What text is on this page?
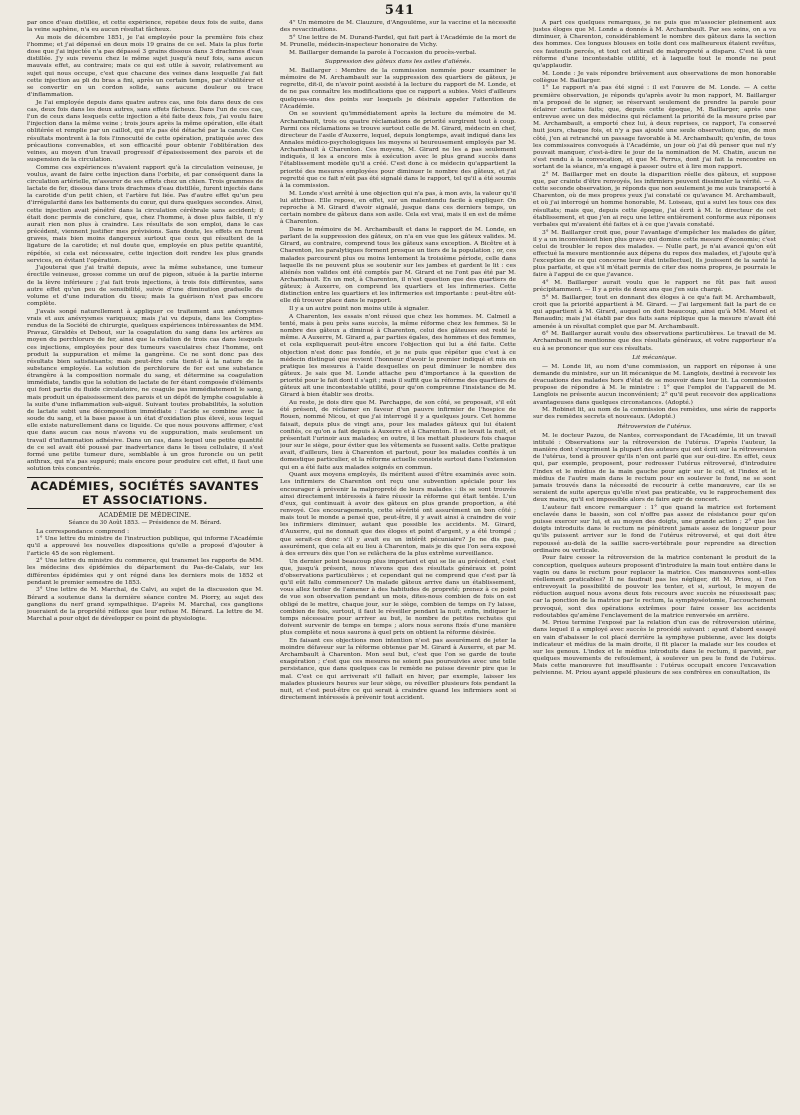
541

par once d'eau distillée, et cette expérience, répétée deux fois de suite, dans la veine saphène, n'a eu aucun résultat fâcheux.

Au mois de décembre 1851, je l'ai employée pour la première fois chez l'homme; et j'ai dépensé en deux mois 19 grains de ce sel. Mais la plus forte dose que j'ai injectée n'a pas dépassé 3 grains dissous dans 3 drachmes d'eau distillée. J'y suis revenu chez le même sujet jusqu'à neuf fois, sans aucun mauvais effet, au contraire; mais ce qui est utile à savoir, relativement au sujet qui nous occupe, c'est que chacune des veines dans lesquelle j'ai fait cette injection au pli du bras a fini, après un certain temps, par s'oblitérer et se convertir en un cordon solide, sans aucune douleur ou trace d'inflammation.

Je l'ai employée depuis dans quatre autres cas, une fois dans deux de ces cas, deux fois dans les deux autres, sans effets fâcheux. Dans l'un de ces cas, l'un de ceux dans lesquels cette injection a été faite deux fois, j'ai voulu faire l'injection dans la même veine ; trois jours après la même opération, elle était oblitérée et remplie par un caillot, qui n'a pas été détaché par la canule. Ces résultats montrent à la fois l'innocuité de cette opération, pratiquée avec des précautions convenables, et son efficacité pour obtenir l'oblitération des veines, au moyen d'un travail progressif d'épaississement des parois et de suspension de la circulation.

Comme ces expériences n'avaient rapport qu'à la circulation veineuse, je voulus, avant de faire cette injection dans l'orbite, et par conséquent dans la circulation artérielle, m'assurer de ses effets chez un chien. Trois grammes de lactate de fer, dissous dans trois drachmes d'eau distillée, furent injectés dans la carotide d'un petit chien, et l'artère fut liée. Pas d'autre effet qu'un peu d'irrégularité dans les battements du cœur, qui dura quelques secondes. Ainsi, cette injection avait pénétré dans la circulation cérébrale sans accident; il était donc permis de conclure, que, chez l'homme, à dose plus faible, il n'y aurait rien non plus à craindre. Les résultats de son emploi, dans le cas précédent, viennent justifier mes prévisions. Sans doute, les effets en furent graves, mais bien moins dangereux surtout que ceux qui résultent de la ligature de la carotide; et nul doute que, employée en plus petite quantité, répétée, si cela est nécessaire, cette injection doit rendre les plus grands services, en évitant l'opération.

J'ajouterai que j'ai traité depuis, avec la même substance, une tumeur érectile veineuse, grosse comme un œuf de pigeon, située à la partie interne de la lèvre inférieure ; j'ai fait trois injections, à trois fois différentes, sans autre effet qu'un peu de sensibilité, suivie d'une diminution graduelle du volume et d'une induration du tissu; mais la guérison n'est pas encore complète.

J'avais songé naturellement à appliquer ce traitement aux anévrysmes vrais et aux anévrysmes variqueux; mais j'ai vu depuis, dans les Comptes-rendus de la Société de chirurgie, quelques expériences intéressantes de MM. Pravaz, Giraldès et Debout, sur la coagulation du sang dans les artères au moyen du perchlorure de fer, ainsi que la relation de trois cas dans lesquels ces injections, employées pour des tumeurs vasculaires chez l'homme, ont produit la suppuration et même la gangrène. Ce ne sont donc pas des résultats bien satisfaisants; mais peut-être cela tient-il à la nature de la substance employée. La solution de perchlorure de fer est une substance étrangère à la composition normale du sang, et détermine sa coagulation immédiate, tandis que la solution de lactate de fer étant composée d'éléments qui font partie du fluide circulatoire, ne coagule pas immédiatement le sang, mais produit un épaississement des parois et un dépôt de lymphe coagulable à la suite d'une inflammation sub-aiguë. Suivant toutes probabilités, la solution de lactate subit une décomposition immédiate : l'acide se combine avec la soude du sang, et la base passe à un état d'oxidation plus élevé, sous lequel elle existe naturellement dans ce liquide. Ce que nous pouvons affirmer, c'est que dans aucun cas nous n'avons vu de suppuration, mais seulement un travail d'inflammation adhésive. Dans un cas, dans lequel une petite quantité de ce sel avait été poussé par inadvertance dans le tissu cellulaire, il s'est formé une petite tumeur dure, semblable à un gros furoncle ou un petit anthrax, qui n'a pas suppuré; mais encore pour produire cet effet, il faut une solution très concentrée.

ACADÉMIES, SOCIÉTÉS SAVANTES ET ASSOCIATIONS.
ACADÉMIE DE MÉDECINE.
Séance du 30 Août 1853. — Présidence de M. Bérard.

La correspondance comprend :

1° Une lettre du ministre de l'instruction publique, qui informe l'Académie qu'il a approuvé les nouvelles dispositions qu'elle a proposé d'ajouter à l'article 45 de son règlement.

2° Une lettre du ministre du commerce, qui transmet les rapports de MM. les médecins des épidémies du département du Pas-de-Calais, sur les différentes épidémies qui y ont régné dans les derniers mois de 1852 et pendant le premier semestre de 1853.

3° Une lettre de M. Marchal, de Calvi, au sujet de la discussion que M. Bérard a soutenue dans la dernière séance contre M. Piorry, au sujet des ganglions du nerf grand sympathique. D'après M. Marchal, ces ganglions joueraient de la propriété réflexe que leur refuse M. Bérard. La lettre de M. Marchal a pour objet de développer ce point de physiologie.

4° Un mémoire de M. Clauzure, d'Angoulême, sur la vaccine et la nécessité des revaccinations.

5° Une lettre de M. Durand-Fardel, qui fait part à l'Académie de la mort de M. Prunelle, médecin-inspecteur honoraire de Vichy.

M. Baillarger demande la parole à l'occasion du procès-verbal.

Suppression des gâteux dans les asiles d'aliénés.

M. Baillarger : Membre de la commission nommée pour examiner le mémoire de M. Archambault sur la suppression des quartiers de gâteux, je regrette, dit-il, de n'avoir point assisté à la lecture du rapport de M. Londe, et de ne pas connaître les modifications que ce rapport a subies. Voici d'ailleurs quelques-uns des points sur lesquels je désirais appeler l'attention de l'Académie.

On se souvient qu'immédiatement après la lecture du mémoire de M. Archambault, trois ou quatre réclamations de priorité surgirent tout à coup. Parmi ces réclamations se trouve surtout celle de M. Girard, médecin en chef, directeur de l'asile d'Auxerre, lequel, depuis longtemps, avait indiqué dans les Annales médico-psychologiques les moyens si heureusement employés par M. Archambault à Charenton. Ces moyens, M. Girard ne les a pas seulement indiqués, il les a encore mis à exécution avec le plus grand succès dans l'établissement modèle qu'il a créé. C'est donc à ce médecin qu'appartient la priorité des mesures employées pour diminuer le nombre des gâteux, et j'ai regretté que ce fait n'eût pas été signalé dans le rapport, tel qu'il a été soumis à la commission.

M. Londe s'est arrêté à une objection qui n'a pas, à mon avis, la valeur qu'il lui attribue. Elle repose, en effet, sur un malentendu facile à expliquer. On reproche à M. Girard d'avoir signalé, jusque dans ces derniers temps, un certain nombre de gâteux dans son asile. Cela est vrai, mais il en est de même à Charenton.

Dans le mémoire de M. Archambault et dans le rapport de M. Londe, en parlant de la suppression des gâteux, on n'a en vue que les gâteux valides. M. Girard, au contraire, comprend tous les gâteux sans exception. A Bicêtre et à Charenton, les paralytiques forment presque un tiers de la population ; or, ces malades parcourent plus ou moins lentement la troisième période, celle dans laquelle ils ne peuvent plus se soutenir sur les jambes et gardent le lit : ces aliénés non valides ont été comptés par M. Girard et ne l'ont pas été par M. Archambault. En un mot, à Charenton, il n'est question que des quartiers de gâteux; à Auxerre, on comprend les quartiers et les infirmeries. Cette distinction entre les quartiers et les infirmeries est importante : peut-être eût-elle dû trouver place dans le rapport.

Il y a un autre point non moins utile à signaler.

A Charenton, les essais n'ont réussi que chez les hommes. M. Calmeil a tenté, mais à peu près sans succès, la même réforme chez les femmes. Si le nombre des gâteux a diminué à Charenton, celui des gâteuses est resté le même. A Auxerre, M. Girard a, par parties égales, des hommes et des femmes, et cela expliquerait peut-être encore l'objection qui lui a été faite. Cette objection n'est donc pas fondée, et je ne puis que répéter que c'est à ce médecin distingué que revient l'honneur d'avoir le premier indiqué et mis en pratique les mesures à l'aide desquelles on peut diminuer le nombre des gâteux. Je sais que M. Londe attache peu d'importance à la question de priorité pour le fait dont il s'agit ; mais il suffit que la réforme des quartiers de gâteux ait une incontestable utilité, pour qu'on comprenne l'insistance de M. Girard à bien établir ses droits.

Au reste, je dois dire que M. Parchappe, de son côté, se proposait, s'il eût été présent, de réclamer en faveur d'un pauvre infirmier de l'hospice de Rouen, nommé Nicou, et que j'ai interrogé il y a quelques jours. Cet homme faisait, depuis plus de vingt ans, pour les malades gâteux qui lui étaient confiés, ce qu'on a fait depuis à Auxerre et à Charenton. Il se levait la nuit, et présentait l'urinoir aux malades; en outre, il les mettait plusieurs fois chaque jour sur le siège, pour éviter que les vêtements se fussent salis. Cette pratique avait, d'ailleurs, lieu à Charenton et partout, pour les malades confiés à un domestique particulier, et la réforme actuelle consiste surtout dans l'extension qui en a été faite aux malades soignés en commun.

Quant aux moyens employés, ils méritent aussi d'être examinés avec soin. Les infirmiers de Charenton ont reçu une subvention spéciale pour les encourager à prévenir la malpropreté de leurs malades : ils se sont trouvés ainsi directement intéressés à faire réussir la réforme qui était tentée. L'un d'eux, qui continuait à avoir des gâteux en plus grande proportion, a été renvoyé. Ces encouragements, cette sévérité ont assurément un bon côté ; mais tout le monde a pensé que, peut-être, il y avait ainsi à craindre de voir les infirmiers diminuer, autant que possible les accidents. M. Girard, d'Auxerre, qui ne donnait que des éloges et point d'argent, y a été trompé ; que serait-ce donc s'il y avait eu un intérêt pécuniaire? Je ne dis pas, assurément, que cela ait eu lieu à Charenton, mais je dis que l'on sera exposé à des erreurs dès que l'on se relâchera de la plus extrême surveillance.

Un dernier point beaucoup plus important et qui se lie au précédent, c'est que, jusqu'à présent, nous n'avons que des résultats généraux et point d'observations particulières ; et cependant qui ne comprend que c'est par là qu'il eût fallu commencer? Un malade gâteux arrive dans un établissement, vous allez tenter de l'amener à des habitudes de propreté; prenez à ce point de vue son observation pendant un mois, dites-nous combien de fois on est obligé de le mettre, chaque jour, sur le siège, combien de temps on l'y laisse, combien de fois, surtout, il faut le réveiller pendant la nuit; enfin, indiquer le temps nécessaire pour arriver au but, le nombre de petites rechutes qui doivent survenir de temps en temps ; alors nous serons fixés d'une manière plus complète et nous saurons à quel prix on obtient la réforme désirée.

En faisant ces objections mon intention n'est pas assurément de jeter la moindre défaveur sur la réforme obtenue par M. Girard à Auxerre, et par M. Archambault à Charenton. Mon seul but, c'est que l'on se garde de toute exagération ; c'est que ces mesures ne soient pas poursuivies avec une telle persistance, que dans quelques cas le remède ne puisse devenir pire que le mal. C'est ce qui arriverait s'il fallait en hiver, par exemple, laisser les malades plusieurs heures sur leur siège, ou réveiller plusieurs fois pendant la nuit, et c'est peut-être ce qui serait à craindre quand les infirmiers sont si directement intéressés à prévenir tout accident.

A part ces quelques remarques, je ne puis que m'associer pleinement aux justes éloges que M. Londe a donnés à M. Archambault. Par ses soins, on a vu diminuer, à Charenton, considérablement le nombre des gâteux dans la section des hommes. Ces longues blouses en toile dont ces malheureux étaient revêtus, ces fauteuils percés, et tout cet attirail de malpropreté a disparu. C'est là une réforme d'une incontestable utilité, et à laquelle tout le monde ne peut qu'applaudir.

M. Londe : Je vais répondre brièvement aux observations de mon honorable collègue M. Baillarger.

1° Le rapport n'a pas été signé : il est l'œuvre de M. Londe. — A cette première observation, je réponds qu'après avoir lu mon rapport, M. Baillarger m'a proposé de le signer, se réservant seulement de prendre la parole pour éclairer certains faits; que, depuis cette époque, M. Baillarger, après une entrevue avec un des médecins qui réclament la priorité de la mesure prise par M. Archambault, a emporté chez lui, à deux reprises, ce rapport, l'a conservé huit jours, chaque fois, et n'y a pas ajouté une seule observation; que, de mon côté, j'en ai retranché un passage favorable à M. Archambault; qu'enfin, de tous les commissaires convoqués à l'Académie, un jour où j'ai dû penser que nul n'y pouvait manquer, c'est-à-dire le jour de la nomination de M. Chatin, aucun ne s'est rendu à la convocation, et que M. Ferrus, dont j'ai fait la rencontre en sortant de la séance, m'a engagé à passer outre et à lire mon rapport.

2° M. Baillarger met en doute la disparition réelle des gâteux, et suppose que, par crainte d'être renvoyés, les infirmiers peuvent dissimuler la vérité. — A cette seconde observation, je réponds que non seulement je me suis transporté à Charenton, où de mes propres yeux j'ai constaté ce qu'avance M. Archambault, et où j'ai interrogé un homme honorable, M. Loiseau, qui a suivi les tous ces des résultats; mais que, depuis cette époque, j'ai écrit à M. le directeur de cet établissement, et que j'en ai reçu une lettre entièrement conforme aux réponses verbales qui m'avaient été faites et à ce que j'avais constaté.

3° M. Baillarger croit que, pour l'avantage d'empêcher les malades de gâter, il y a un inconvénient bien plus grave qui domine cette mesure d'économie; c'est celui de troubler le repos des malades. — Nulle part, je n'ai avancé qu'on eût effectué la mesure mentionnée aux dépens du repos des malades, et j'ajoute qu'à l'exception de ce qui concerne leur état intellectuel, ils jouissent de la santé la plus parfaite, et que s'il m'était permis de citer des noms propres, je pourrais le faire à l'appui de ce que j'avance.

4° M. Baillarger aurait voulu que le rapport ne fût pas fait aussi précipitamment. — Il y a près de deux ans que j'en suis chargé.

5° M. Baillarger, tout en donnant des éloges à ce qu'a fait M. Archambault, croit que la priorité appartient à M. Girard. — J'ai largement fait la part de ce qui appartient à M. Girard, auquel on doit beaucoup, ainsi qu'à MM. Morel et Renaudin; mais j'ai établi par des faits sans réplique que la mesure n'avait été amenée à un résultat complet que par M. Archambault.

6° M. Baillarger aurait voulu des observations particulières. Le travail de M. Archambault ne mentionne que des résultats généraux, et votre rapporteur n'a eu à se prononcer que sur ces résultats.

Lit mécanique.

— M. Londe lit, au nom d'une commission, un rapport en réponse à une demande du ministre, sur un lit mécanique de M. Langlois, destiné à recevoir les évacuations des malades hors d'état de se mouvoir dans leur lit. La commission propose de répondre à M. le ministre : 1° que l'emploi de l'appareil de M. Langlois ne présente aucun inconvénient; 2° qu'il peut recevoir des applications avantageuses dans quelques circonstances. (Adopté.)

M. Robinet lit, au nom de la commission des remèdes, une série de rapports sur des remèdes secrets et nouveaux. (Adopté.)

Rétroversion de l'utérus.

M. le docteur Pazou, de Nantes, correspondant de l'Académie, lit un travail intitulé : Observations sur la rétroversion de l'utérus. D'après l'auteur, la manière dont s'expriment la plupart des auteurs qui ont écrit sur la rétroversion de l'utérus, tend à prouver qu'ils n'en ont parlé que sur oui-dire. En effet, ceux qui, par exemple, proposent, pour redresser l'utérus rétroversé, d'introduire l'index et le médius de la main gauche pour agir sur le col, et l'index et le médius de l'autre main dans le rectum pour en soulever le fond, ne se sont jamais trouvés dans la nécessité de recourir à cette manœuvre, car ils se seraient de suite aperçus qu'elle n'est pas praticable, vu le rapprochement des deux mains, qu'il est impossible alors de faire agir de concert.

L'auteur fait encore remarquer : 1° que quand la matrice est fortement enclavée dans le bassin, son col n'offre pas assez de résistance pour qu'on puisse exercer sur lui, et au moyen des doigts, une grande action ; 2° que les doigts introduits dans le rectum ne pénètrent jamais assez de longueur pour qu'ils puissent arriver sur le fond de l'utérus rétroversé, et qui doit être repoussé au-delà de la saillie sacro-vertébrale pour reprendre sa direction ordinaire ou verticale.

Pour faire cesser la rétroversion de la matrice contenant le produit de la conception, quelques auteurs proposent d'introduire la main tout entière dans le vagin ou dans le rectum pour replacer la matrice. Ces manœuvres sont-elles réellement praticables? Il ne faudrait pas les négliger, dit M. Priou, si l'on entrevoyait la possibilité de pouvoir les tenter, et si, surtout, le moyen de réduction auquel nous avons deux fois recours avec succès ne réussissait pas; car la ponction de la matrice par le rectum, la symphyséotomie, l'accouchement provoqué, sont des opérations extrêmes pour faire cesser les accidents redoutables qu'amène l'enclavement de la matrice renversée en arrière.

M. Priou termine l'exposé par la relation d'un cas de rétroversion utérine, dans lequel il a employé avec succès le procédé suivant : ayant d'abord essayé en vain d'abaisser le col placé derrière la symphyse pubienne, avec les doigts indicateur et médius de la main droite, il fit placer la malade sur les coudes et sur les genoux. L'index et le médius introduits dans le rectum, il parvint, par quelques mouvements de refoulement, à soulever un peu le fond de l'utérus. Mais cette manœuvre fut insuffisante : l'utérus occupait encore l'excavation pelvienne. M. Priou ayant appelé plusieurs de ses confrères en consultation, ils
